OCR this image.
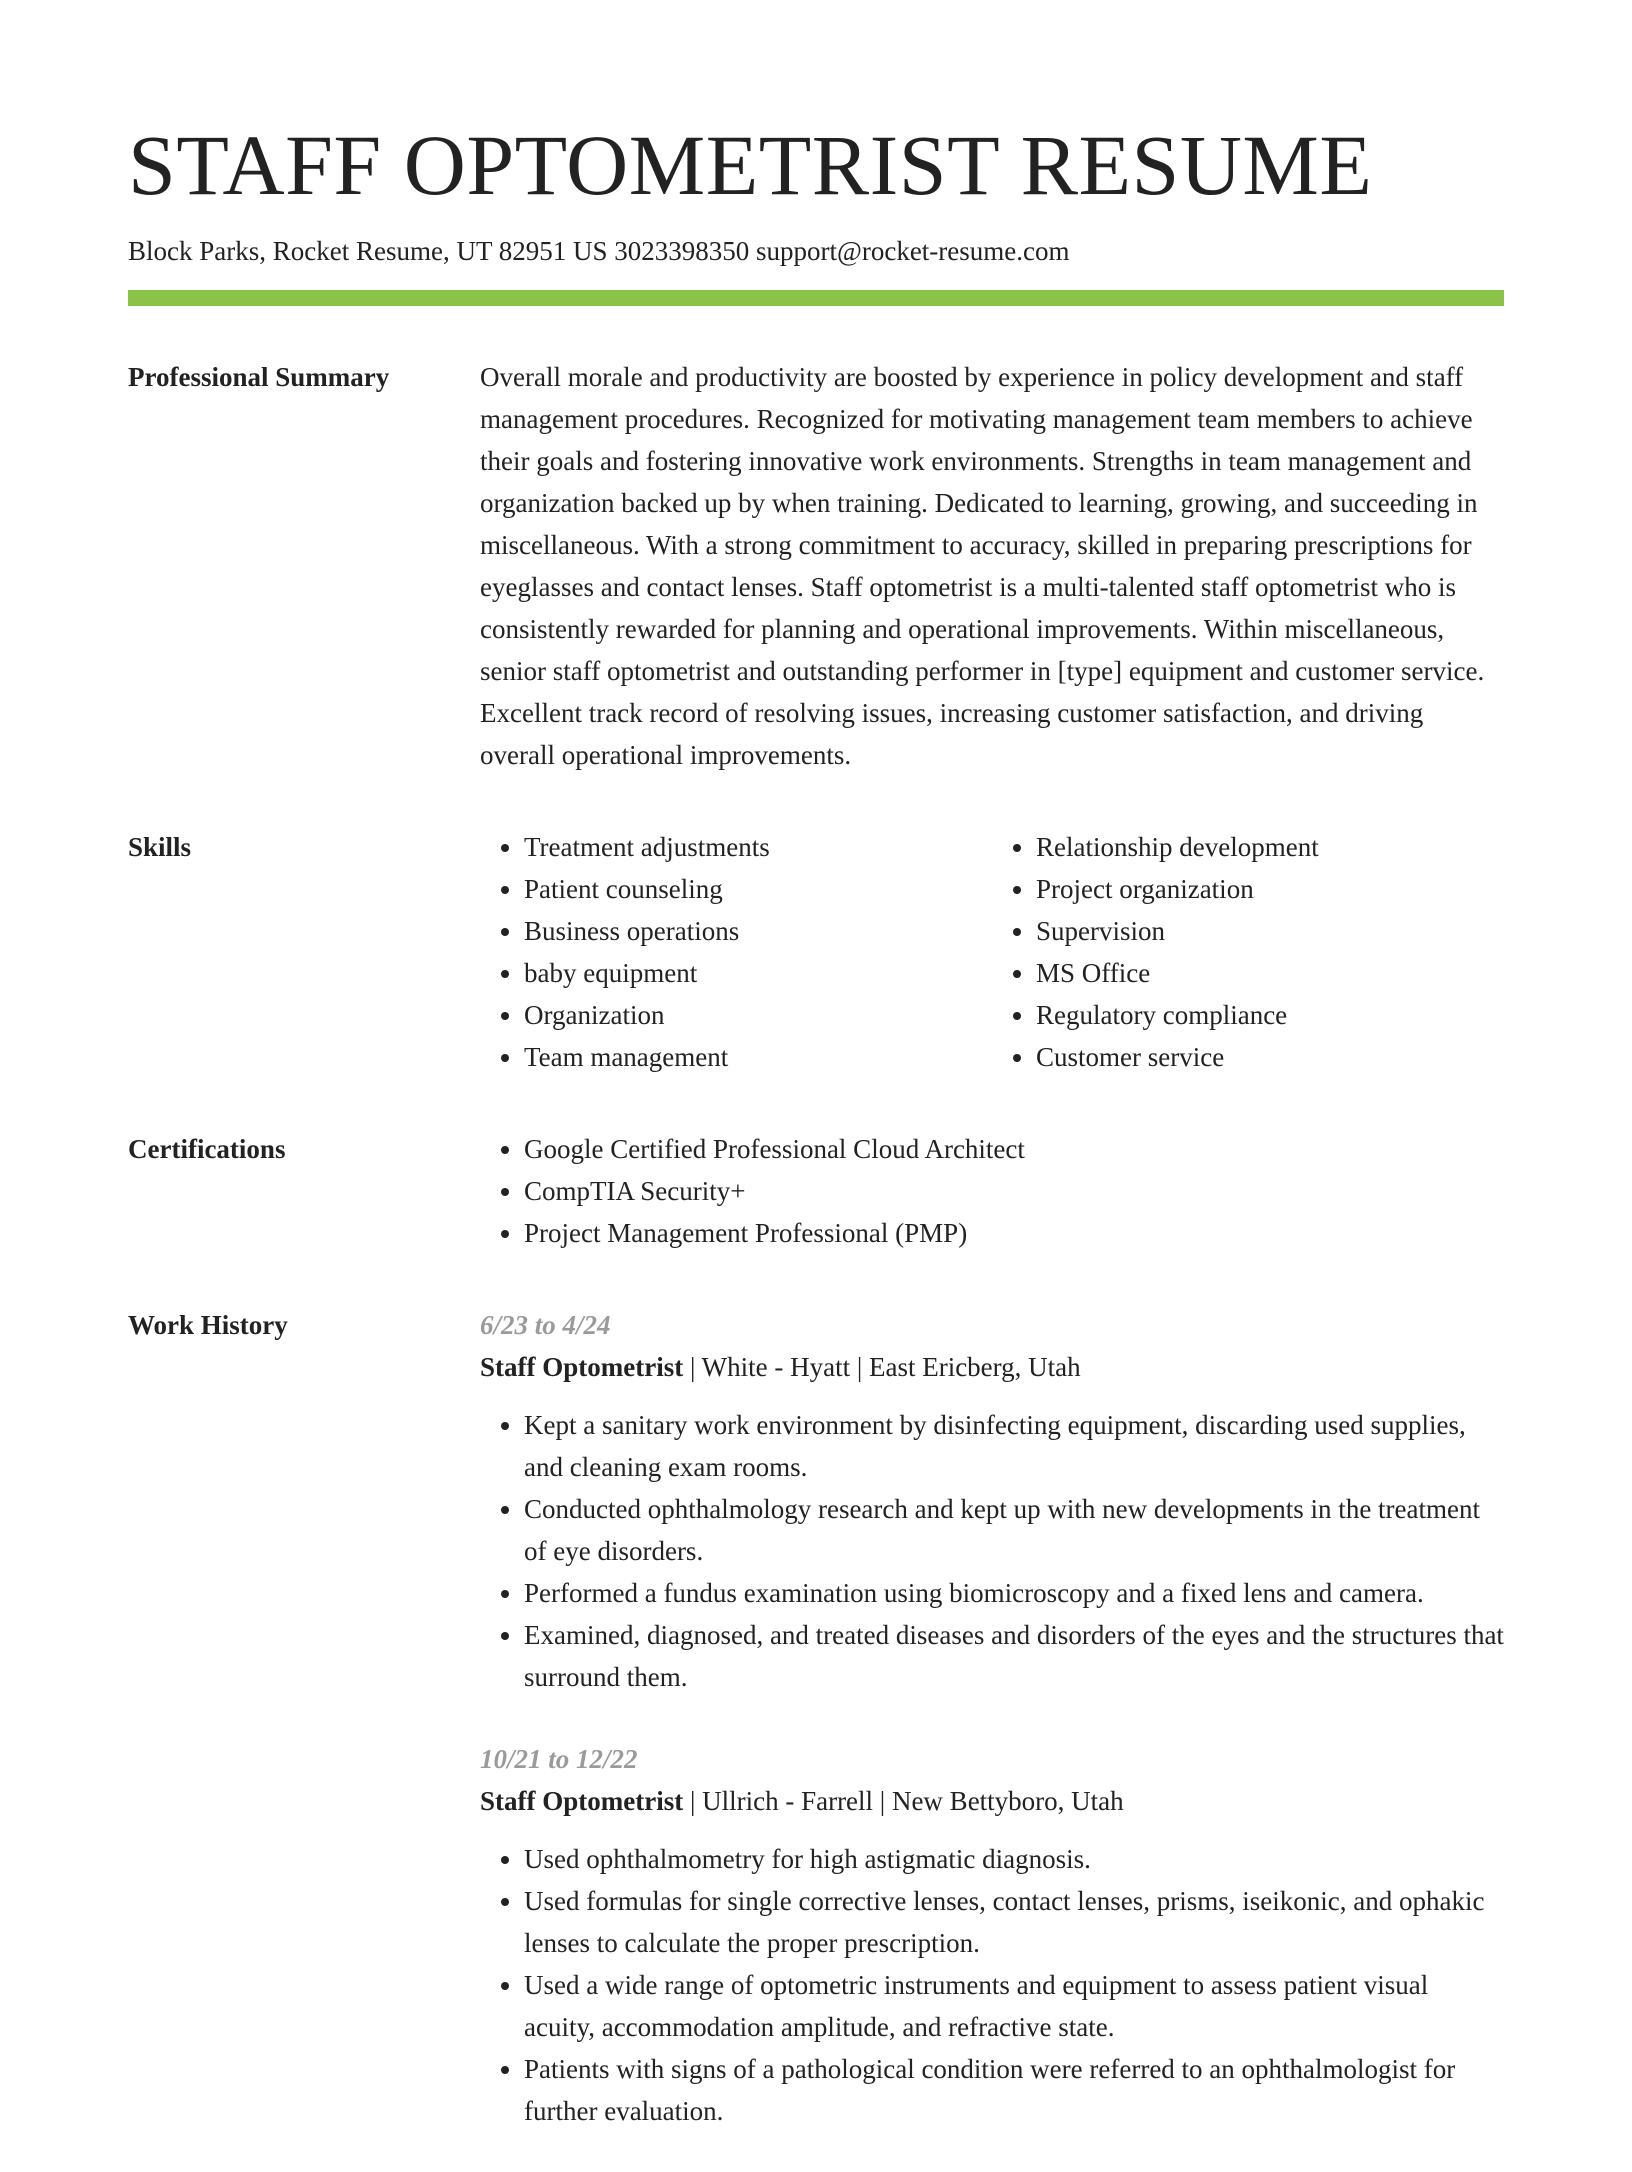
STAFF OPTOMETRIST RESUME
Block Parks, Rocket Resume, UT 82951 US 3023398350 support@rocket-resume.com
Professional Summary	Overall morale and productivity are boosted by experience in policy development and staff management procedures. Recognized for motivating management team members to achieve their goals and fostering innovative work environments. Strengths in team management and organization backed up by when training. Dedicated to learning, growing, and succeeding in miscellaneous. With a strong commitment to accuracy, skilled in preparing prescriptions for eyeglasses and contact lenses. Staff optometrist is a multi-talented staff optometrist who is consistently rewarded for planning and operational improvements. Within miscellaneous, senior staff optometrist and outstanding performer in [type] equipment and customer service. Excellent track record of resolving issues, increasing customer satisfaction, and driving overall operational improvements.

Skills	• Treatment adjustments
• Patient counseling
• Business operations
• baby equipment
• Organization
• Team management
• Relationship development
• Project organization
• Supervision
• MS Office
• Regulatory compliance
• Customer service
Certifications	• Google Certified Professional Cloud Architect
• CompTIA Security+
• Project Management Professional (PMP)
Work History	6/23 to 4/24
Staff Optometrist | White - Hyatt | East Ericberg, Utah
• Kept a sanitary work environment by disinfecting equipment, discarding used supplies, and cleaning exam rooms.
• Conducted ophthalmology research and kept up with new developments in the treatment of eye disorders.
• Performed a fundus examination using biomicroscopy and a fixed lens and camera.
• Examined, diagnosed, and treated diseases and disorders of the eyes and the structures that surround them.
10/21 to 12/22
Staff Optometrist | Ullrich - Farrell | New Bettyboro, Utah
• Used ophthalmometry for high astigmatic diagnosis.
• Used formulas for single corrective lenses, contact lenses, prisms, iseikonic, and ophakic lenses to calculate the proper prescription.
• Used a wide range of optometric instruments and equipment to assess patient visual acuity, accommodation amplitude, and refractive state.
• Patients with signs of a pathological condition were referred to an ophthalmologist for further evaluation.
